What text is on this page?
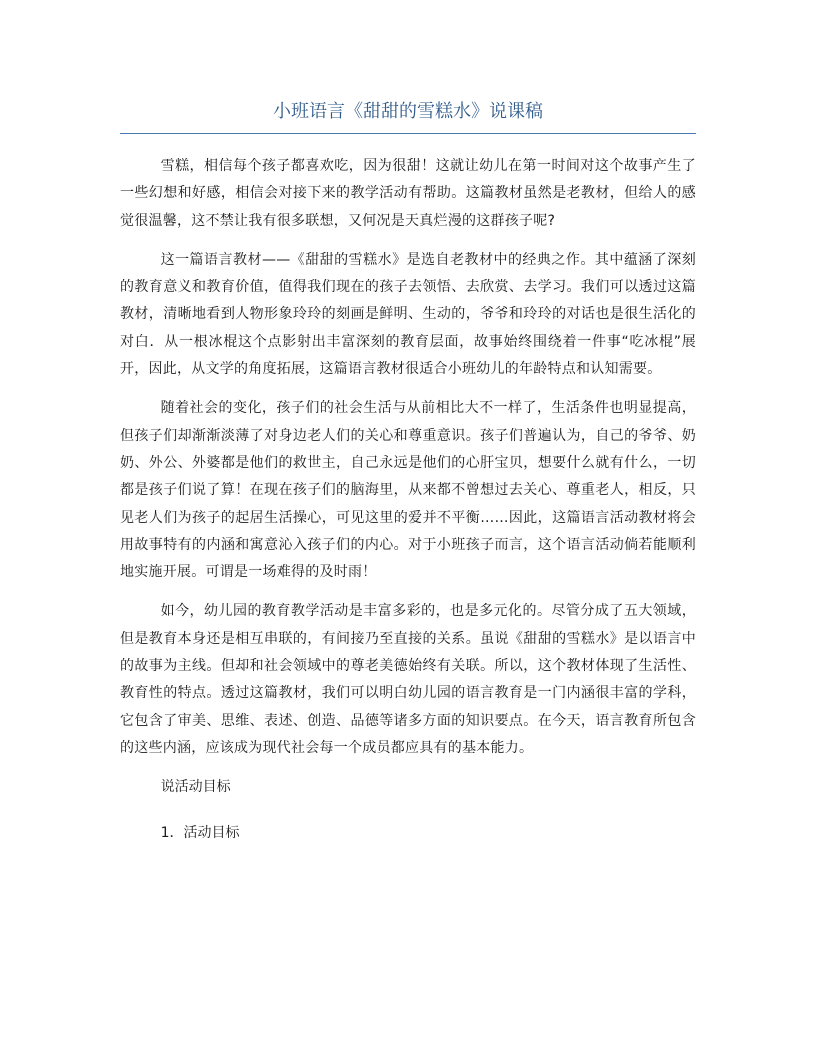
小班语言《甜甜的雪糕水》说课稿

雪糕，相信每个孩子都喜欢吃，因为很甜！这就让幼儿在第一时间对这个故事产生了一些幻想和好感，相信会对接下来的教学活动有帮助。这篇教材虽然是老教材，但给人的感觉很温馨，这不禁让我有很多联想，又何况是天真烂漫的这群孩子呢?

这一篇语言教材——《甜甜的雪糕水》是选自老教材中的经典之作。其中蕴涵了深刻的教育意义和教育价值，值得我们现在的孩子去领悟、去欣赏、去学习。我们可以透过这篇教材，清晰地看到人物形象玲玲的刻画是鲜明、生动的，爷爷和玲玲的对话也是很生活化的对白．从一根冰棍这个点影射出丰富深刻的教育层面，故事始终围绕着一件事“吃冰棍”展开，因此，从文学的角度拓展，这篇语言教材很适合小班幼儿的年龄特点和认知需要。

随着社会的变化，孩子们的社会生活与从前相比大不一样了，生活条件也明显提高，但孩子们却渐渐淡薄了对身边老人们的关心和尊重意识。孩子们普遍认为，自己的爷爷、奶奶、外公、外婆都是他们的救世主，自己永远是他们的心肝宝贝，想要什么就有什么，一切都是孩子们说了算！在现在孩子们的脑海里，从来都不曾想过去关心、尊重老人，相反，只见老人们为孩子的起居生活操心，可见这里的爱并不平衡……因此，这篇语言活动教材将会用故事特有的内涵和寓意沁入孩子们的内心。对于小班孩子而言，这个语言活动倘若能顺利地实施开展。可谓是一场难得的及时雨！

如今，幼儿园的教育教学活动是丰富多彩的，也是多元化的。尽管分成了五大领域，但是教育本身还是相互串联的，有间接乃至直接的关系。虽说《甜甜的雪糕水》是以语言中的故事为主线。但却和社会领域中的尊老美德始终有关联。所以，这个教材体现了生活性、教育性的特点。透过这篇教材，我们可以明白幼儿园的语言教育是一门内涵很丰富的学科，它包含了审美、思维、表述、创造、品德等诸多方面的知识要点。在今天，语言教育所包含的这些内涵，应该成为现代社会每一个成员都应具有的基本能力。

说活动目标

1．活动目标
